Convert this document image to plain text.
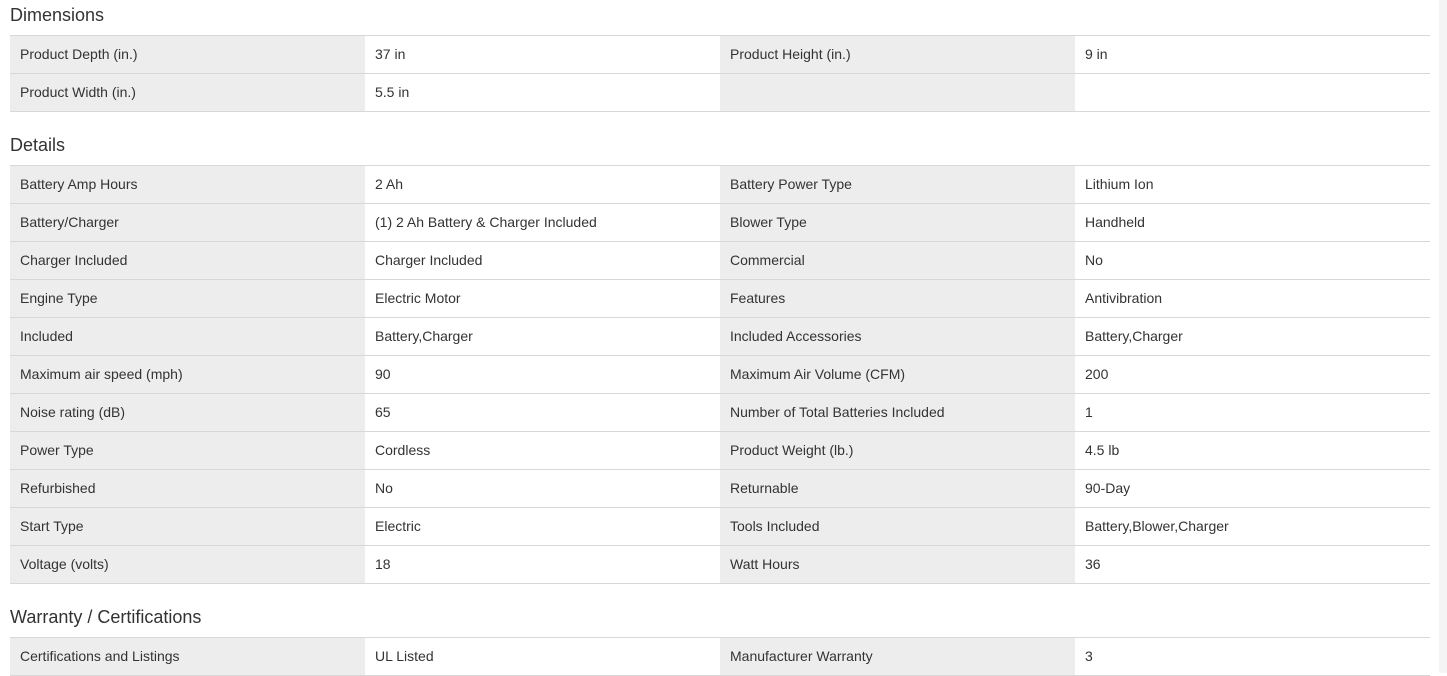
Dimensions
Product Depth (in.)	37 in	Product Height (in.)	9 in
Product Width (in.)	5.5 in
Details
Battery Amp Hours	2 Ah	Battery Power Type	Lithium Ion
Battery/Charger	(1) 2 Ah Battery & Charger Included	Blower Type	Handheld
Charger Included	Charger Included	Commercial	No
Engine Type	Electric Motor	Features	Antivibration
Included	Battery,Charger	Included Accessories	Battery,Charger
Maximum air speed (mph)	90	Maximum Air Volume (CFM)	200
Noise rating (dB)	65	Number of Total Batteries Included	1
Power Type	Cordless	Product Weight (lb.)	4.5 lb
Refurbished	No	Returnable	90-Day
Start Type	Electric	Tools Included	Battery,Blower,Charger
Voltage (volts)	18	Watt Hours	36
Warranty / Certifications
Certifications and Listings	UL Listed	Manufacturer Warranty	3
